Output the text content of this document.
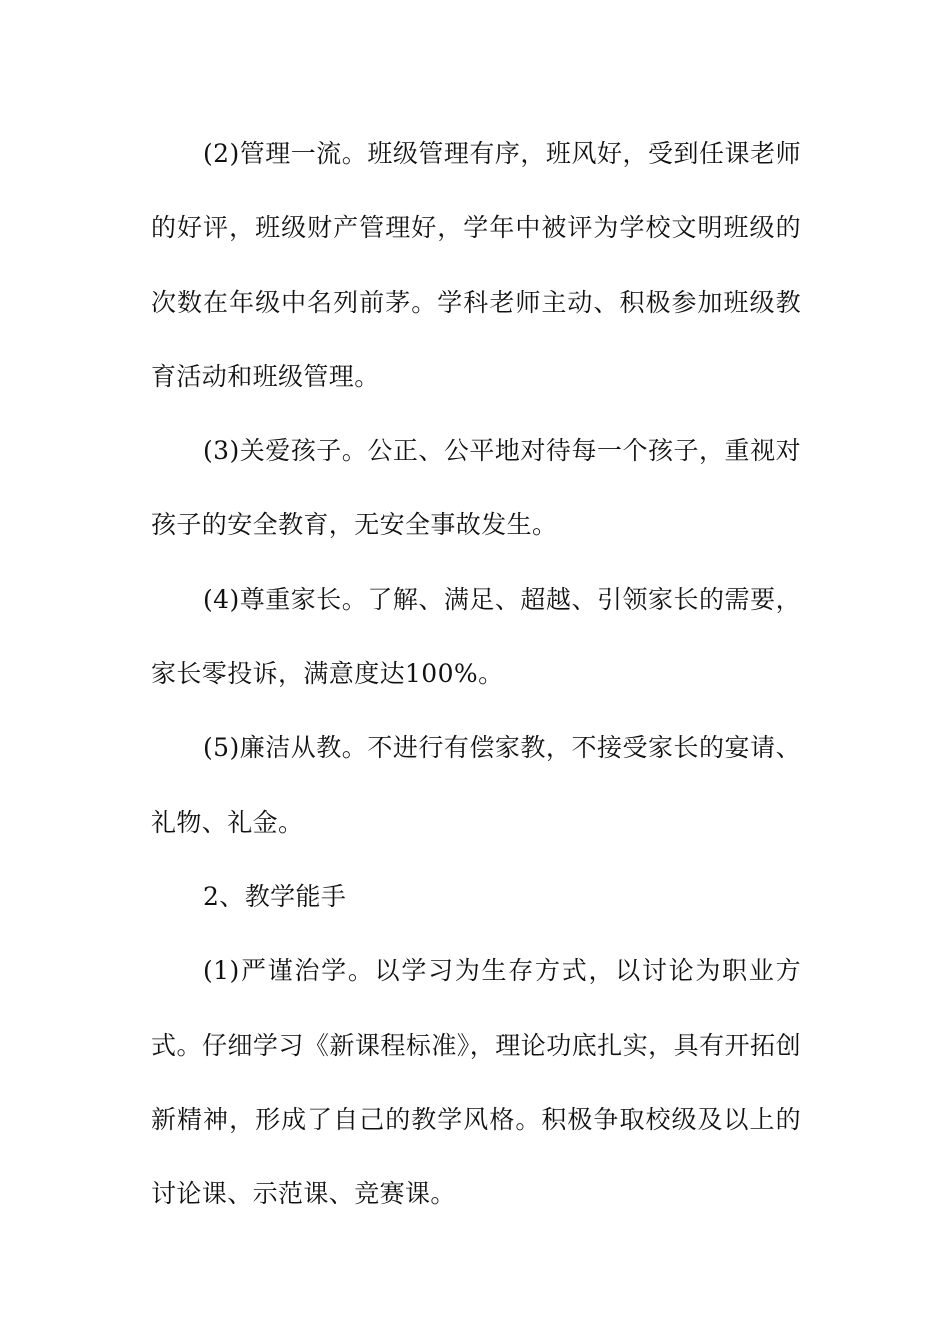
(2)管理一流。班级管理有序，班风好，受到任课老师的好评，班级财产管理好，学年中被评为学校文明班级的次数在年级中名列前茅。学科老师主动、积极参加班级教育活动和班级管理。

(3)关爱孩子。公正、公平地对待每一个孩子，重视对孩子的安全教育，无安全事故发生。

(4)尊重家长。了解、满足、超越、引领家长的需要，家长零投诉，满意度达100%。

(5)廉洁从教。不进行有偿家教，不接受家长的宴请、礼物、礼金。

2、教学能手

(1)严谨治学。以学习为生存方式，以讨论为职业方式。仔细学习《新课程标准》，理论功底扎实，具有开拓创新精神，形成了自己的教学风格。积极争取校级及以上的讨论课、示范课、竞赛课。
